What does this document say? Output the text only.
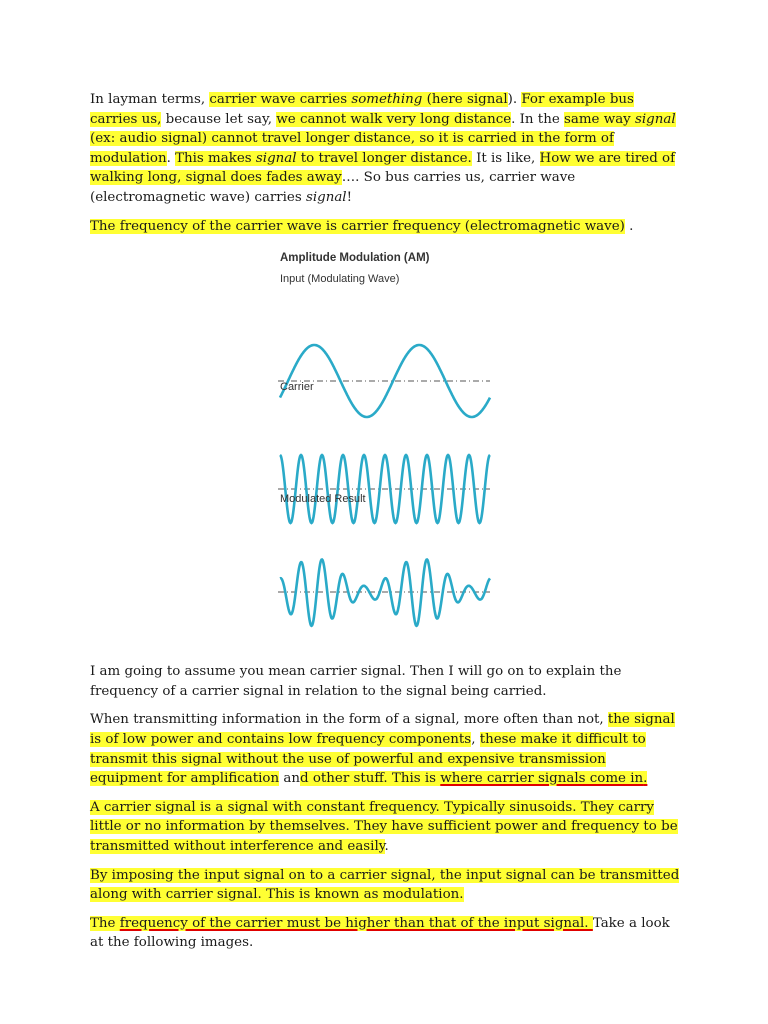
In layman terms, carrier wave carries something (here signal). For example bus carries us, because let say, we cannot walk very long distance. In the same way signal (ex: audio signal) cannot travel longer distance, so it is carried in the form of modulation. This makes signal to travel longer distance. It is like, How we are tired of walking long, signal does fades away…. So bus carries us, carrier wave (electromagnetic wave) carries signal!

The frequency of the carrier wave is carrier frequency (electromagnetic wave) .

Amplitude Modulation (AM)
Input (Modulating Wave)
Carrier
Modulated Result

I am going to assume you mean carrier signal. Then I will go on to explain the frequency of a carrier signal in relation to the signal being carried.

When transmitting information in the form of a signal, more often than not, the signal is of low power and contains low frequency components, these make it difficult to transmit this signal without the use of powerful and expensive transmission equipment for amplification and other stuff. This is where carrier signals come in.

A carrier signal is a signal with constant frequency. Typically sinusoids. They carry little or no information by themselves. They have sufficient power and frequency to be transmitted without interference and easily.

By imposing the input signal on to a carrier signal, the input signal can be transmitted along with carrier signal. This is known as modulation.

The frequency of the carrier must be higher than that of the input signal. Take a look at the following images.
